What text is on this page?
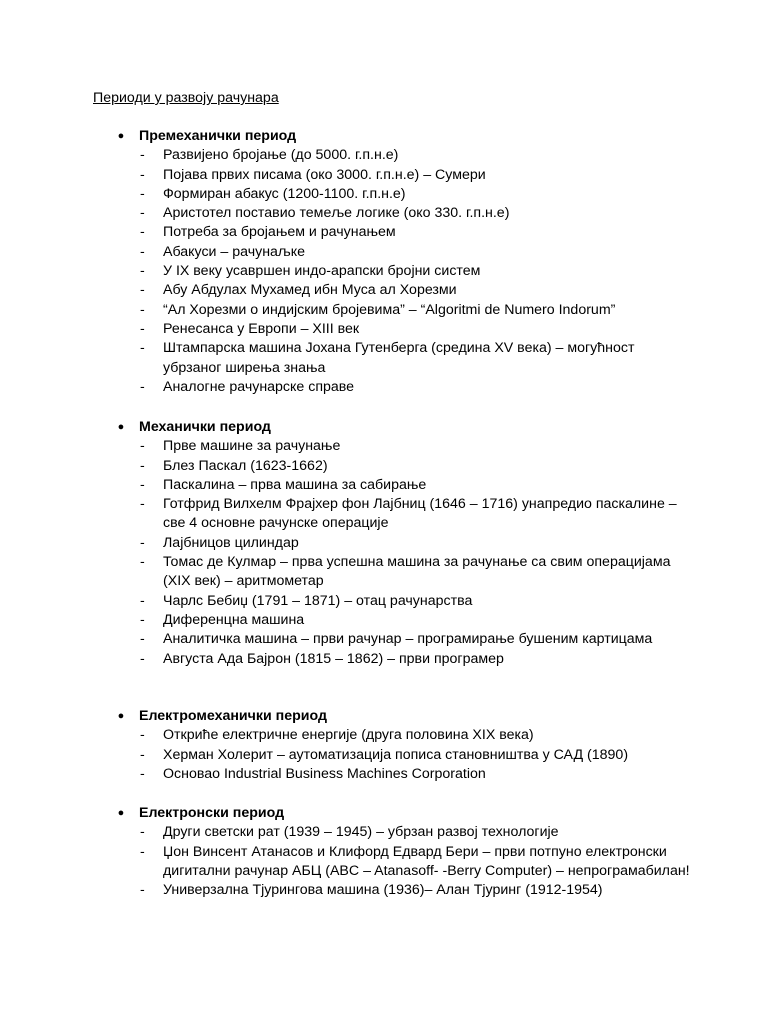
Периоди у развоју рачунара
● Премеханички период
- Развијено бројање (до 5000. г.п.н.е)
- Појава првих писама (око 3000. г.п.н.е) – Сумери
- Формиран абакус (1200-1100. г.п.н.е)
- Аристотел поставио темеље логике (око 330. г.п.н.е)
- Потреба за бројањем и рачунањем
- Абакуси – рачунаљке
- У IX веку усавршен индо-арапски бројни систем
- Абу Абдулах Мухамед ибн Муса ал Хорезми
- “Ал Хорезми о индијским бројевима” – “Algoritmi de Numero Indorum”
- Ренесанса у Европи – XIII век
- Штампарска машина Јохана Гутенберга (средина XV века) – могућност убрзаног ширења знања
- Аналогне рачунарске справе
● Механички период
- Прве машине за рачунање
- Блез Паскал (1623-1662)
- Паскалина – прва машина за сабирање
- Готфрид Вилхелм Фрајхер фон Лајбниц (1646 – 1716) унапредио паскалине – све 4 основне рачунске операције
- Лајбницов цилиндар
- Томас де Кулмар – прва успешна машина за рачунање са свим операцијама (XIX век) – аритмометар
- Чарлс Бебиџ (1791 – 1871) – отац рачунарства
- Диференцна машина
- Аналитичка машина – први рачунар – програмирање бушеним картицама
- Августа Ада Бајрон (1815 – 1862) – први програмер
● Електромеханички период
- Откриће електричне енергије (друга половина XIX века)
- Херман Холерит – аутоматизација пописа становништва у САД (1890)
- Основао Industrial Business Machines Corporation
● Електронски период
- Други светски рат (1939 – 1945) – убрзан развој технологије
- Џон Винсент Атанасов и Клифорд Едвард Бери – први потпуно електронски дигитални рачунар АБЦ (ABC – Atanasoff- -Berry Computer) – непрограмабилан!
- Универзална Тјурингова машина (1936)– Алан Тјуринг (1912-1954)
